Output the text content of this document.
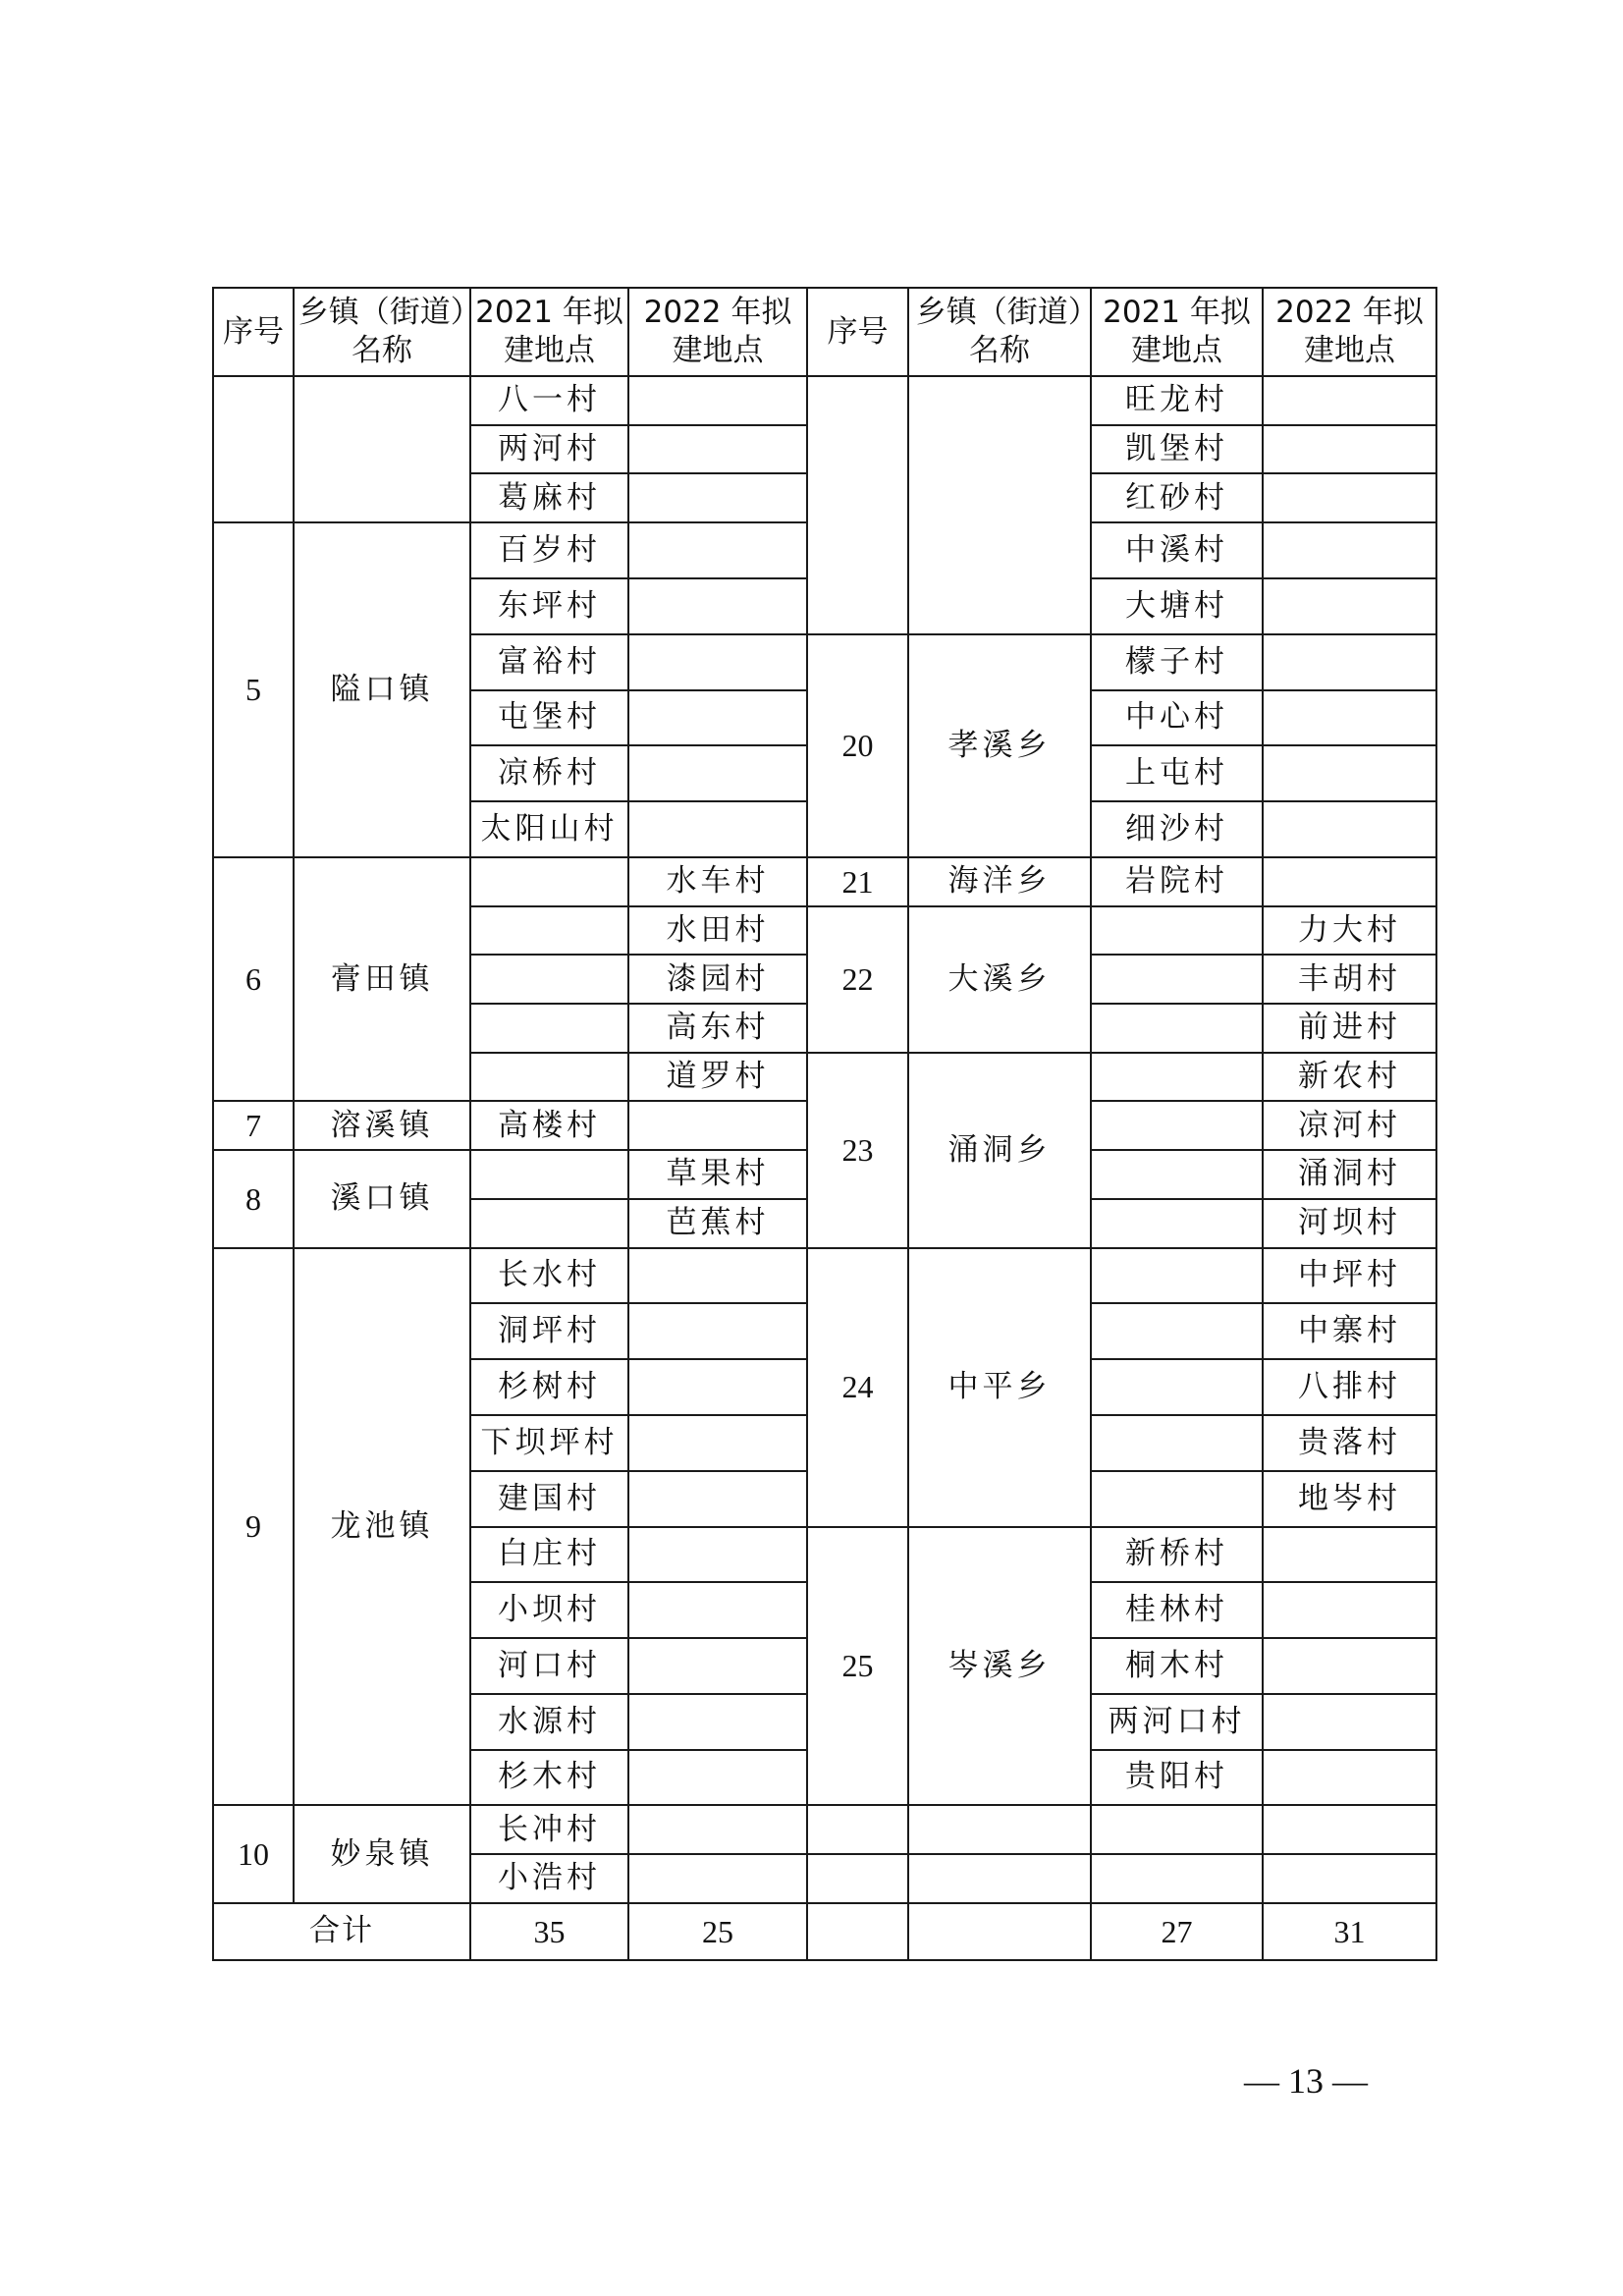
序号	乡镇（街道）名称	2021 年拟建地点	2022 年拟建地点	序号	乡镇（街道）名称	2021 年拟建地点	2022 年拟建地点
		八一村				旺龙村	
		两河村				凯堡村	
		葛麻村				红砂村	
5	隘口镇	百岁村				中溪村	
		东坪村				大塘村	
		富裕村		20	孝溪乡	檬子村	
		屯堡村				中心村	
		凉桥村				上屯村	
		太阳山村				细沙村	
6	膏田镇		水车村	21	海洋乡	岩院村	
			水田村	22	大溪乡		力大村
			漆园村				丰胡村
			高东村				前进村
			道罗村	23	涌洞乡		新农村
7	溶溪镇	高楼村					凉河村
8	溪口镇		草果村				涌洞村
			芭蕉村				河坝村
9	龙池镇	长水村		24	中平乡		中坪村
		洞坪村					中寨村
		杉树村					八排村
		下坝坪村					贵落村
		建国村					地岑村
		白庄村		25	岑溪乡	新桥村	
		小坝村				桂林村	
		河口村				桐木村	
		水源村				两河口村	
		杉木村				贵阳村	
10	妙泉镇	长冲村					
		小浩村					
合计		35	25			27	31
— 13 —
